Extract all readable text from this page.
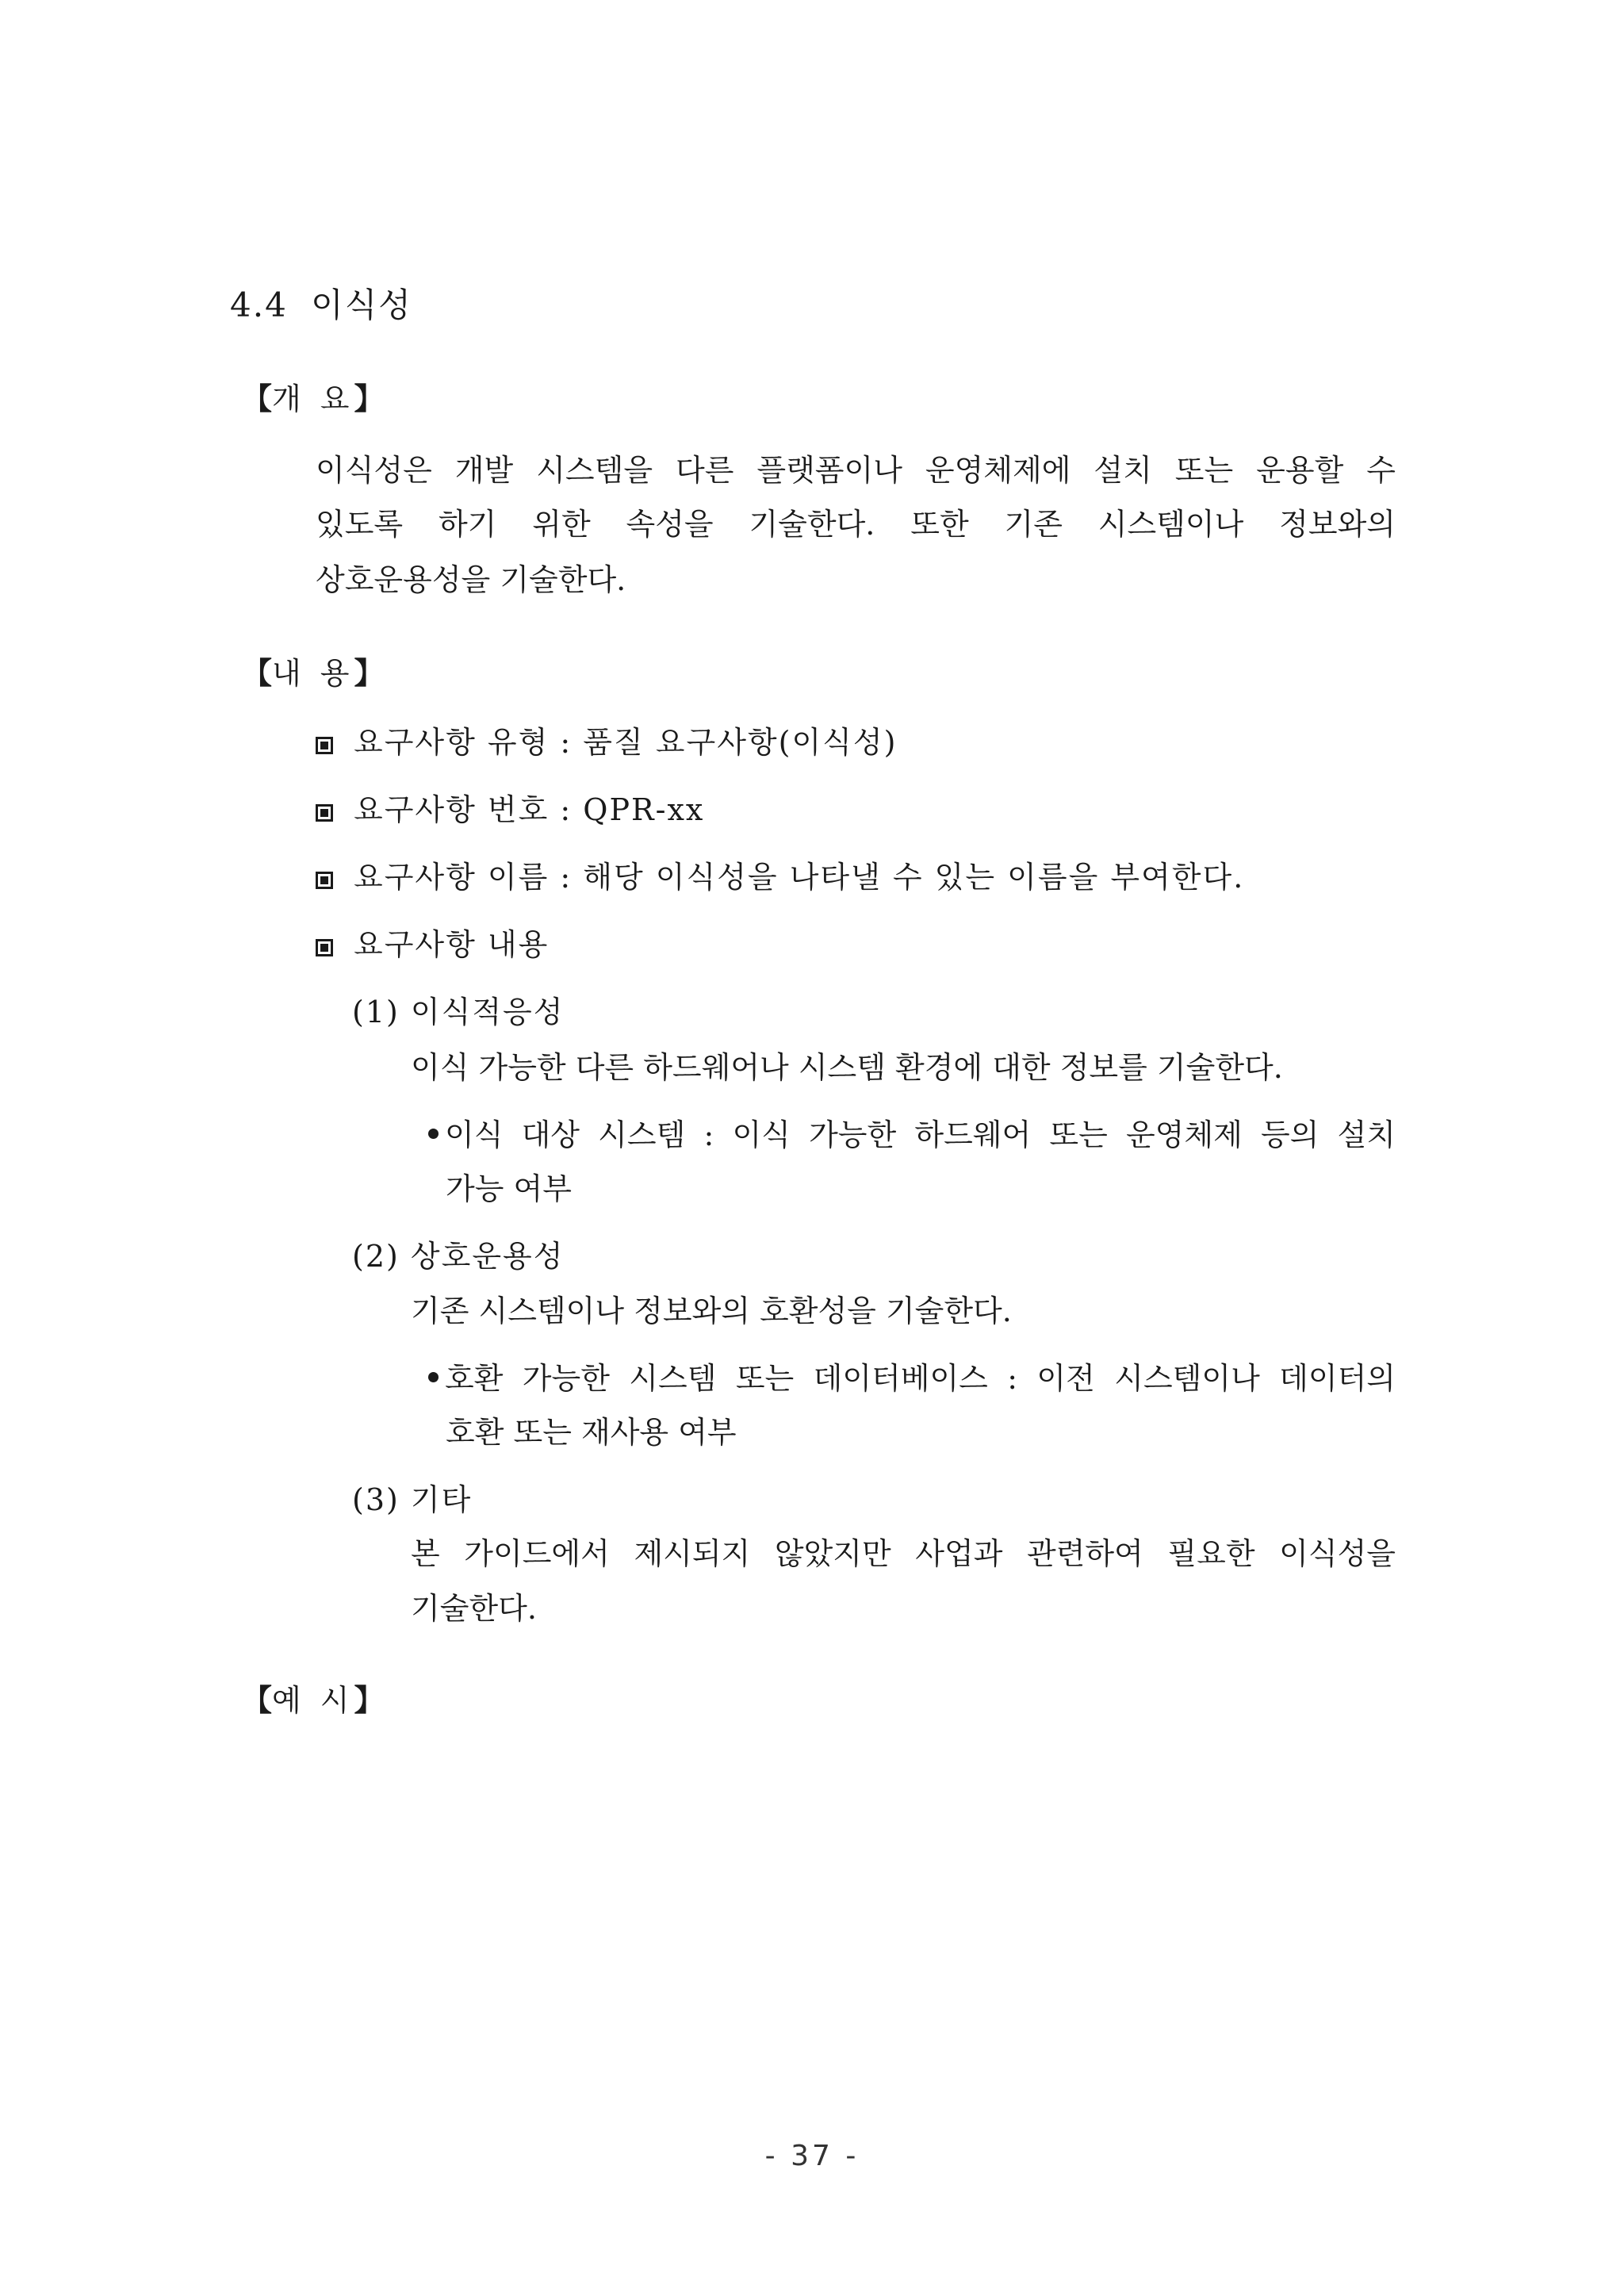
4.4 이식성
【개 요】
이식성은 개발 시스템을 다른 플랫폼이나 운영체제에 설치 또는 운용할 수
있도록 하기 위한 속성을 기술한다. 또한 기존 시스템이나 정보와의
상호운용성을 기술한다.
【내 용】
요구사항 유형 : 품질 요구사항(이식성)
요구사항 번호 : QPR-xx
요구사항 이름 : 해당 이식성을 나타낼 수 있는 이름을 부여한다.
요구사항 내용
(1) 이식적응성
이식 가능한 다른 하드웨어나 시스템 환경에 대한 정보를 기술한다.
이식 대상 시스템 : 이식 가능한 하드웨어 또는 운영체제 등의 설치
가능 여부
(2) 상호운용성
기존 시스템이나 정보와의 호환성을 기술한다.
호환 가능한 시스템 또는 데이터베이스 : 이전 시스템이나 데이터의
호환 또는 재사용 여부
(3) 기타
본 가이드에서 제시되지 않았지만 사업과 관련하여 필요한 이식성을
기술한다.
【예 시】
- 37 -
